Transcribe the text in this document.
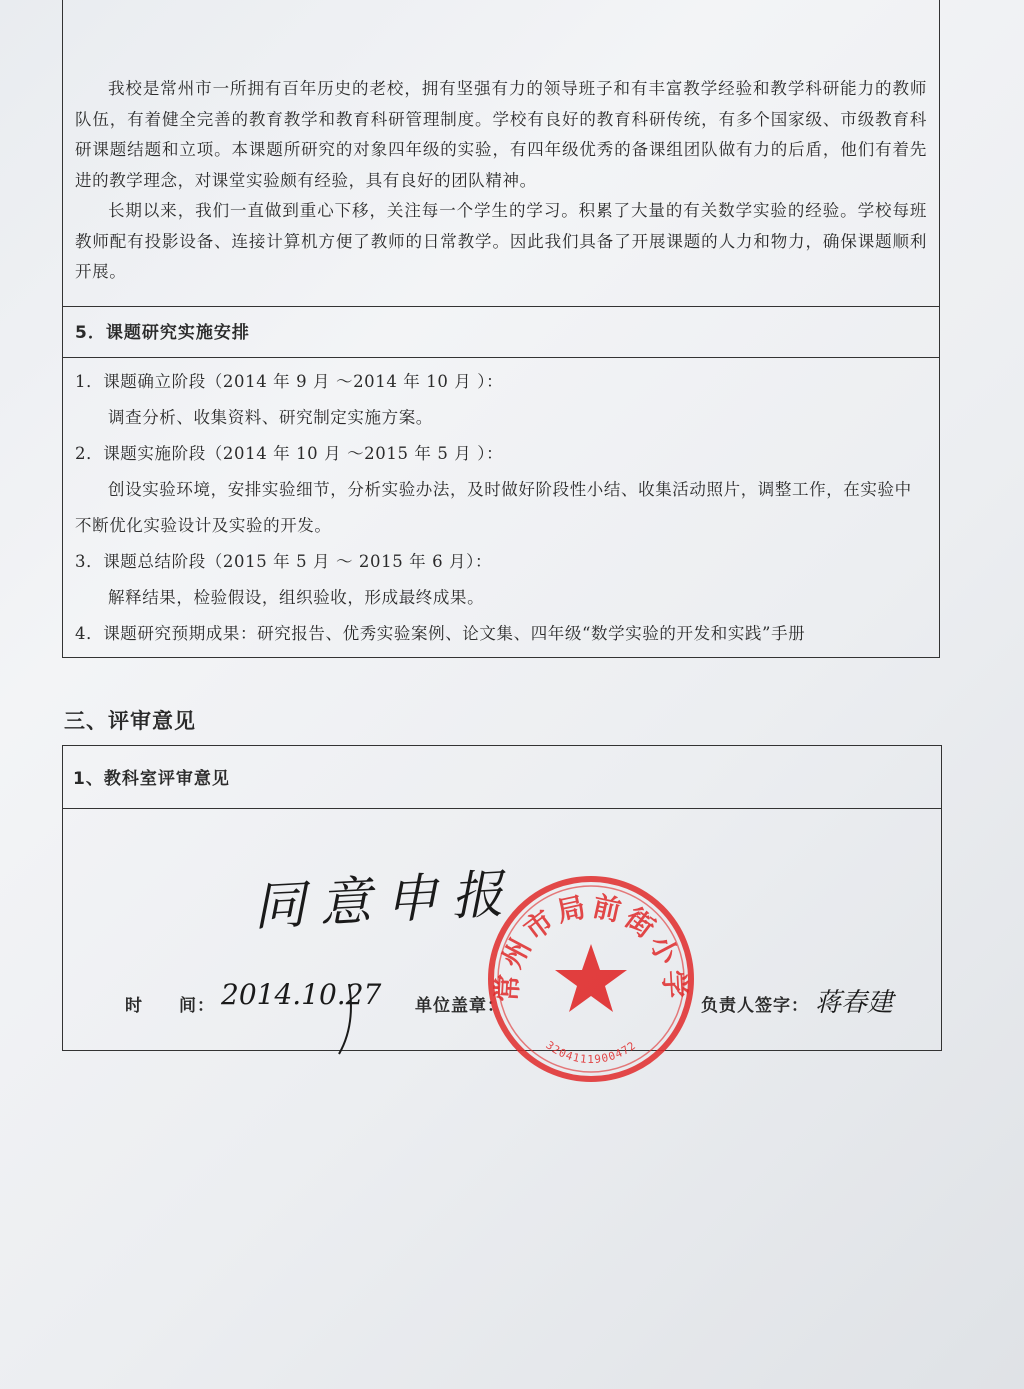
我校是常州市一所拥有百年历史的老校，拥有坚强有力的领导班子和有丰富教学经验和教学科研能力的教师队伍，有着健全完善的教育教学和教育科研管理制度。学校有良好的教育科研传统，有多个国家级、市级教育科研课题结题和立项。本课题所研究的对象四年级的实验，有四年级优秀的备课组团队做有力的后盾，他们有着先进的教学理念，对课堂实验颇有经验，具有良好的团队精神。

长期以来，我们一直做到重心下移，关注每一个学生的学习。积累了大量的有关数学实验的经验。学校每班教师配有投影设备、连接计算机方便了教师的日常教学。因此我们具备了开展课题的人力和物力，确保课题顺利开展。

5．课题研究实施安排

1．课题确立阶段（2014 年 9 月 ～2014 年 10 月 ）：

调查分析、收集资料、研究制定实施方案。

2．课题实施阶段（2014 年 10 月 ～2015 年 5 月 ）：

创设实验环境，安排实验细节，分析实验办法，及时做好阶段性小结、收集活动照片，调整工作，在实验中不断优化实验设计及实验的开发。

3．课题总结阶段（2015 年 5 月 ～ 2015 年 6 月）：

解释结果，检验假设，组织验收，形成最终成果。

4．课题研究预期成果：研究报告、优秀实验案例、论文集、四年级“数学实验的开发和实践”手册

三、评审意见
1、教科室评审意见
同意申报
时　　间： 2014.10.27 单位盖章：	负责人签字： 蒋春建
常州市局前街小学
3204111900472
